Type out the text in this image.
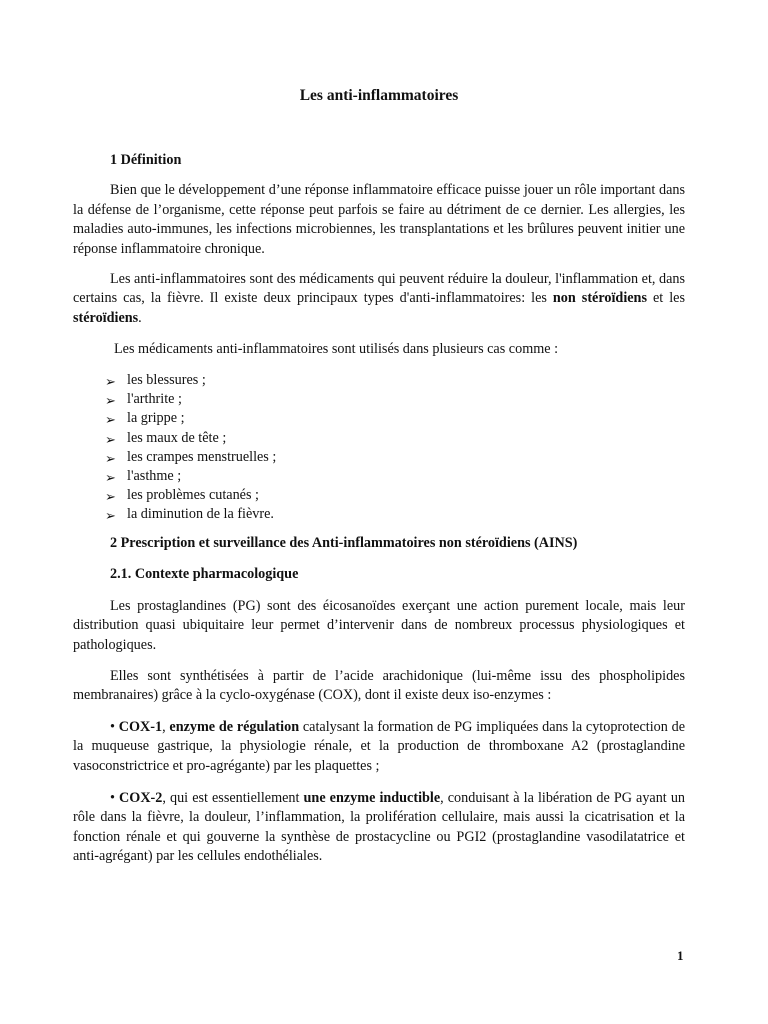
Les anti-inflammatoires

1 Définition

Bien que le développement d’une réponse inflammatoire efficace puisse jouer un rôle important dans la défense de l’organisme, cette réponse peut parfois se faire au détriment de ce dernier. Les allergies, les maladies auto-immunes, les infections microbiennes, les transplantations et les brûlures peuvent initier une réponse inflammatoire chronique.

Les anti-inflammatoires sont des médicaments qui peuvent réduire la douleur, l'inflammation et, dans certains cas, la fièvre. Il existe deux principaux types d'anti-inflammatoires: les non stéroïdiens et les stéroïdiens.

Les médicaments anti-inflammatoires sont utilisés dans plusieurs cas comme :

➢ les blessures ;
➢ l'arthrite ;
➢ la grippe ;
➢ les maux de tête ;
➢ les crampes menstruelles ;
➢ l'asthme ;
➢ les problèmes cutanés ;
➢ la diminution de la fièvre.

2 Prescription et surveillance des Anti-inflammatoires non stéroïdiens (AINS)

2.1. Contexte pharmacologique

Les prostaglandines (PG) sont des éicosanoïdes exerçant une action purement locale, mais leur distribution quasi ubiquitaire leur permet d’intervenir dans de nombreux processus physiologiques et pathologiques.

Elles sont synthétisées à partir de l’acide arachidonique (lui-même issu des phospholipides membranaires) grâce à la cyclo-oxygénase (COX), dont il existe deux iso-enzymes :

• COX-1, enzyme de régulation catalysant la formation de PG impliquées dans la cytoprotection de la muqueuse gastrique, la physiologie rénale, et la production de thromboxane A2 (prostaglandine vasoconstrictrice et pro-agrégante) par les plaquettes ;

• COX-2, qui est essentiellement une enzyme inductible, conduisant à la libération de PG ayant un rôle dans la fièvre, la douleur, l’inflammation, la prolifération cellulaire, mais aussi la cicatrisation et la fonction rénale et qui gouverne la synthèse de prostacycline ou PGI2 (prostaglandine vasodilatatrice et anti-agrégant) par les cellules endothéliales.

1
